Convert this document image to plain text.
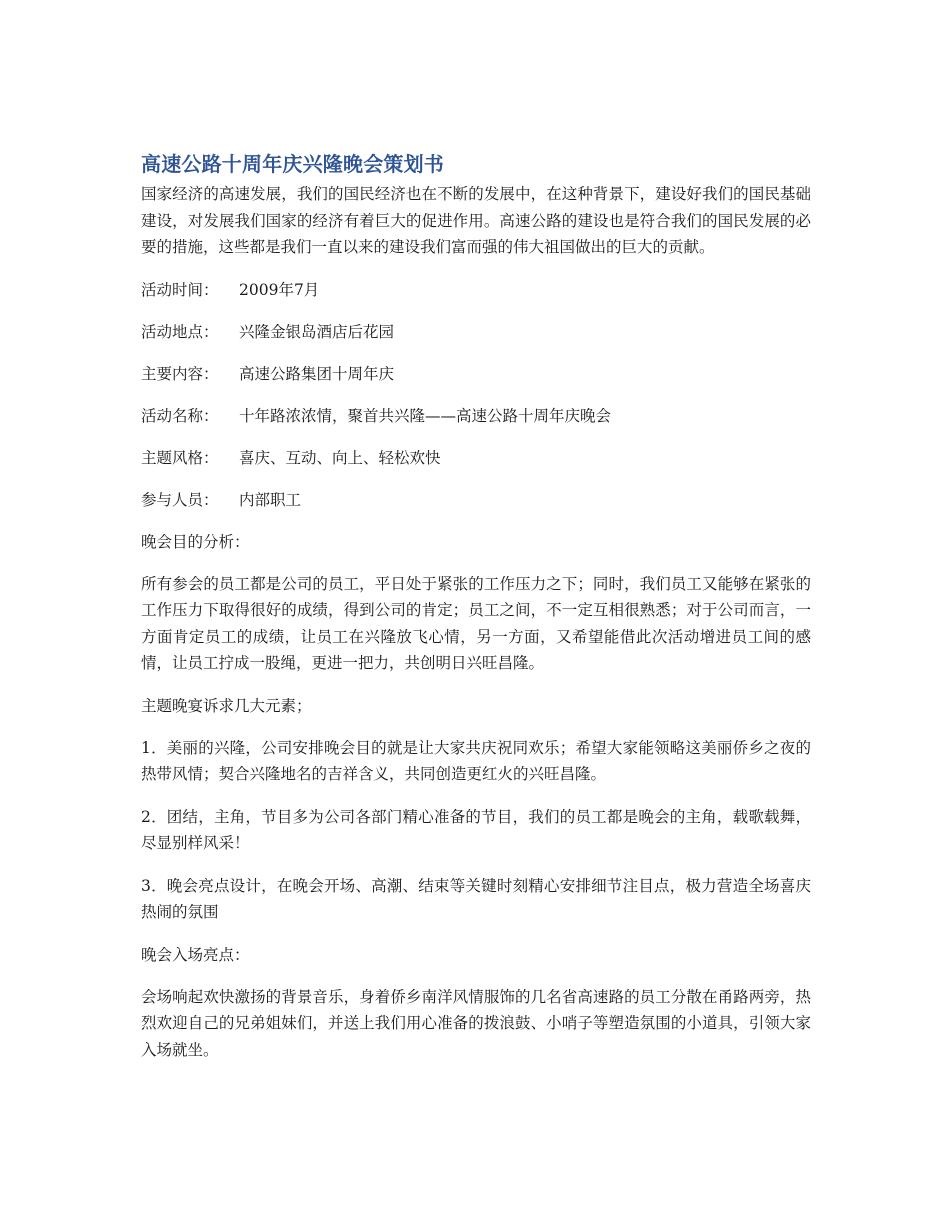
高速公路十周年庆兴隆晚会策划书

国家经济的高速发展，我们的国民经济也在不断的发展中，在这种背景下，建设好我们的国民基础建设，对发展我们国家的经济有着巨大的促进作用。高速公路的建设也是符合我们的国民发展的必要的措施，这些都是我们一直以来的建设我们富而强的伟大祖国做出的巨大的贡献。

活动时间：	2009年7月
活动地点：	兴隆金银岛酒店后花园
主要内容：	高速公路集团十周年庆
活动名称：	十年路浓浓情，聚首共兴隆——高速公路十周年庆晚会
主题风格：	喜庆、互动、向上、轻松欢快
参与人员：	内部职工

晚会目的分析：

所有参会的员工都是公司的员工，平日处于紧张的工作压力之下；同时，我们员工又能够在紧张的工作压力下取得很好的成绩，得到公司的肯定；员工之间，不一定互相很熟悉；对于公司而言，一方面肯定员工的成绩，让员工在兴隆放飞心情，另一方面，又希望能借此次活动增进员工间的感情，让员工拧成一股绳，更进一把力，共创明日兴旺昌隆。

主题晚宴诉求几大元素；

1．美丽的兴隆，公司安排晚会目的就是让大家共庆祝同欢乐；希望大家能领略这美丽侨乡之夜的热带风情；契合兴隆地名的吉祥含义，共同创造更红火的兴旺昌隆。

2．团结，主角，节目多为公司各部门精心准备的节目，我们的员工都是晚会的主角，载歌载舞，尽显别样风采！

3．晚会亮点设计，在晚会开场、高潮、结束等关键时刻精心安排细节注目点，极力营造全场喜庆热闹的氛围

晚会入场亮点：

会场响起欢快激扬的背景音乐，身着侨乡南洋风情服饰的几名省高速路的员工分散在甬路两旁，热烈欢迎自己的兄弟姐妹们，并送上我们用心准备的拨浪鼓、小哨子等塑造氛围的小道具，引领大家入场就坐。
